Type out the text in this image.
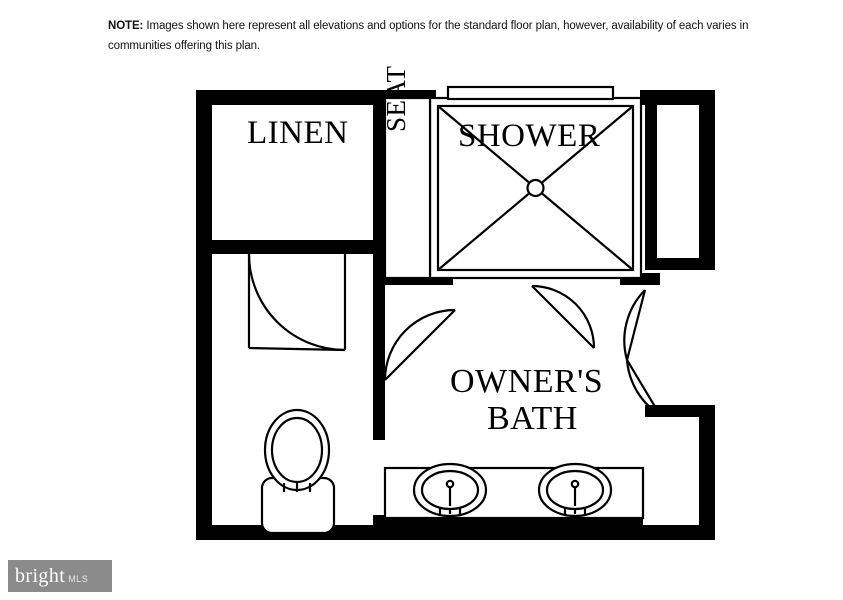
NOTE: Images shown here represent all elevations and options for the standard floor plan, however, availability of each varies in communities offering this plan.
LINEN	SHOWER
SEAT
OWNER'S
BATH
bright MLS
